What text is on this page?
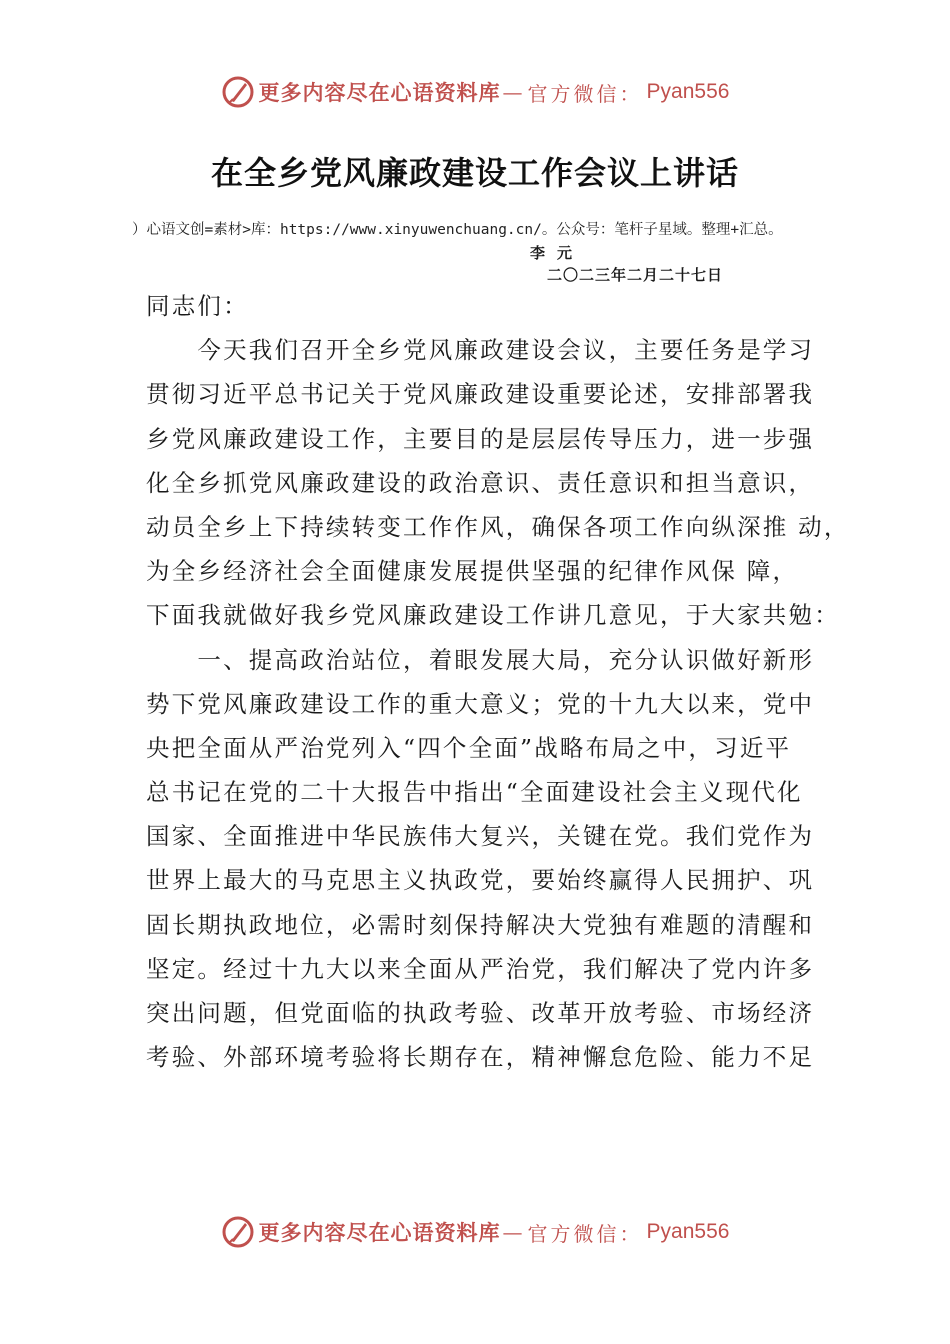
更多内容尽在心语资料库 — 官方微信： Pyan556
在全乡党风廉政建设工作会议上讲话
）心语文创=素材>库：https://www.xinyuwenchuang.cn/。公众号：笔杆子星域。整理+汇总。
李元
二〇二三年二月二十七日
同志们：
　　今天我们召开全乡党风廉政建设会议，主要任务是学习
贯彻习近平总书记关于党风廉政建设重要论述，安排部署我
乡党风廉政建设工作，主要目的是层层传导压力，进一步强
化全乡抓党风廉政建设的政治意识、责任意识和担当意识，
动员全乡上下持续转变工作作风，确保各项工作向纵深推 动，
为全乡经济社会全面健康发展提供坚强的纪律作风保 障，
下面我就做好我乡党风廉政建设工作讲几意见，于大家共勉：
　　一、提高政治站位，着眼发展大局，充分认识做好新形
势下党风廉政建设工作的重大意义；党的十九大以来，党中
央把全面从严治党列入“四个全面”战略布局之中，习近平
总书记在党的二十大报告中指出“全面建设社会主义现代化
国家、全面推进中华民族伟大复兴，关键在党。我们党作为
世界上最大的马克思主义执政党，要始终赢得人民拥护、巩
固长期执政地位，必需时刻保持解决大党独有难题的清醒和
坚定。经过十九大以来全面从严治党，我们解决了党内许多
突出问题，但党面临的执政考验、改革开放考验、市场经济
考验、外部环境考验将长期存在，精神懈怠危险、能力不足
更多内容尽在心语资料库 — 官方微信： Pyan556
